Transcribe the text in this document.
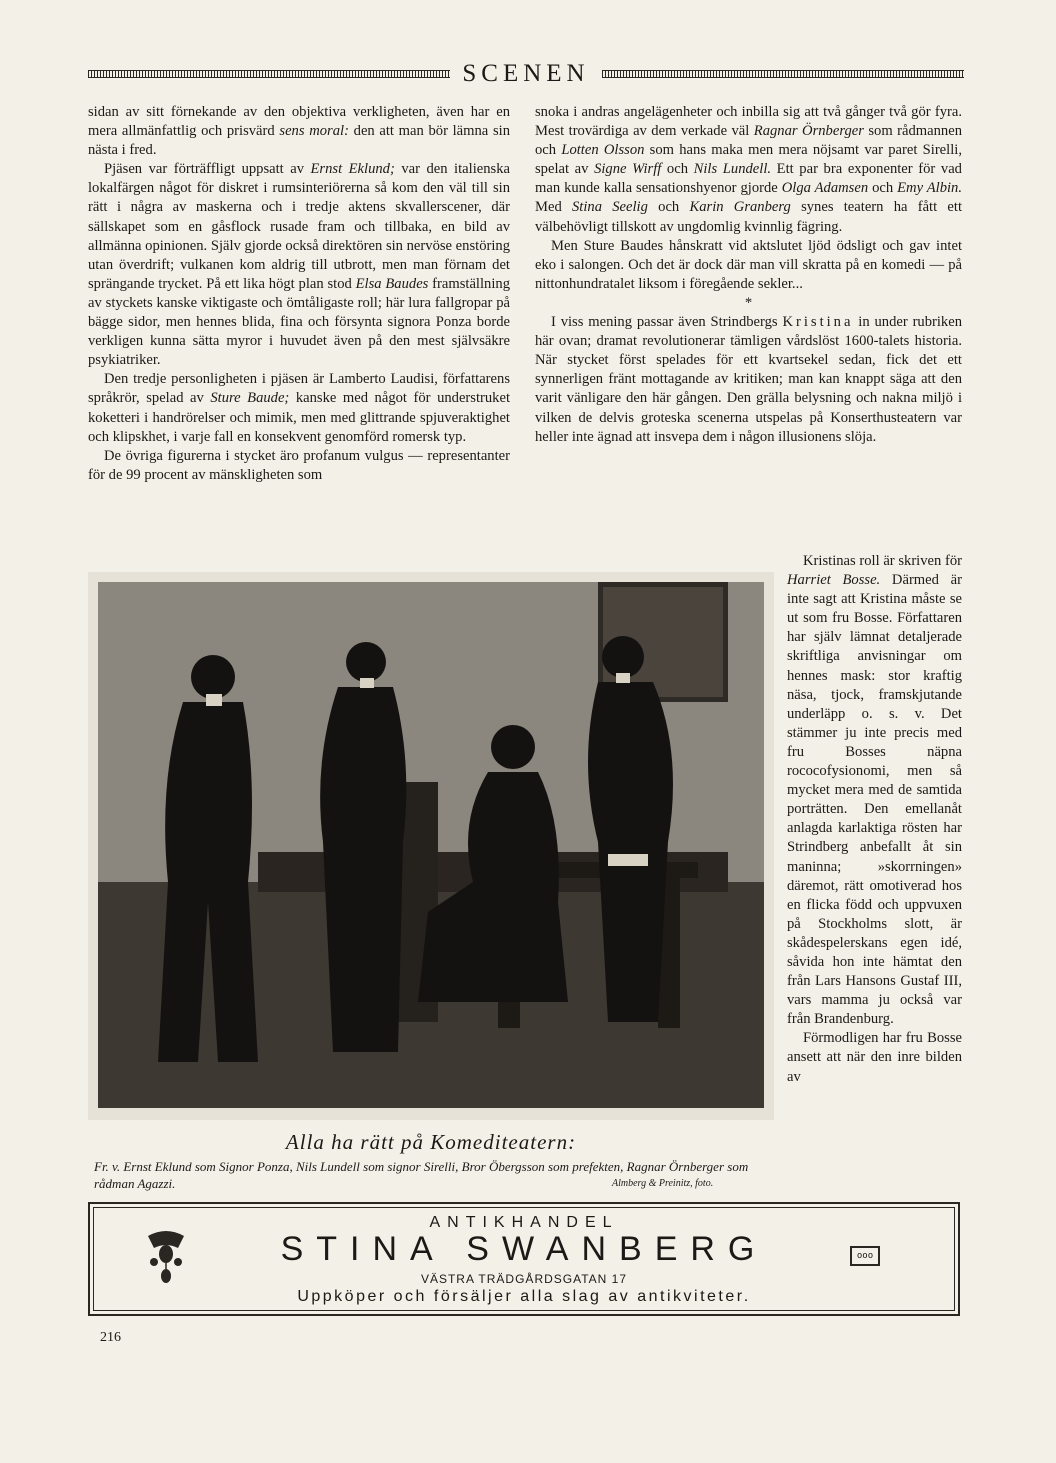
SCENEN

sidan av sitt förnekande av den objektiva verkligheten, även har en mera allmänfattlig och prisvärd sens moral: den att man bör lämna sin nästa i fred.

Pjäsen var förträffligt uppsatt av Ernst Eklund; var den italienska lokalfärgen något för diskret i rumsinteriörerna så kom den väl till sin rätt i några av maskerna och i tredje aktens skvallerscener, där sällskapet som en gåsflock rusade fram och tillbaka, en bild av allmänna opinionen. Själv gjorde också direktören sin nervöse enstöring utan överdrift; vulkanen kom aldrig till utbrott, men man förnam det sprängande trycket. På ett lika högt plan stod Elsa Baudes framställning av styckets kanske viktigaste och ömtåligaste roll; här lura fallgropar på bägge sidor, men hennes blida, fina och försynta signora Ponza borde verkligen kunna sätta myror i huvudet även på den mest självsäkre psykiatriker.

Den tredje personligheten i pjäsen är Lamberto Laudisi, författarens språkrör, spelad av Sture Baude; kanske med något för understruket koketteri i handrörelser och mimik, men med glittrande spjuveraktighet och klipskhet, i varje fall en konsekvent genomförd romersk typ.

De övriga figurerna i stycket äro profanum vulgus — representanter för de 99 procent av mänskligheten som

snoka i andras angelägenheter och inbilla sig att två gånger två gör fyra. Mest trovärdiga av dem verkade väl Ragnar Örnberger som rådmannen och Lotten Olsson som hans maka men mera nöjsamt var paret Sirelli, spelat av Signe Wirff och Nils Lundell. Ett par bra exponenter för vad man kunde kalla sensationshyenor gjorde Olga Adamsen och Emy Albin. Med Stina Seelig och Karin Granberg synes teatern ha fått ett välbehövligt tillskott av ungdomlig kvinnlig fägring.

Men Sture Baudes hånskratt vid aktslutet ljöd ödsligt och gav intet eko i salongen. Och det är dock där man vill skratta på en komedi — på nittonhundratalet liksom i föregående sekler...

*

I viss mening passar även Strindbergs Kristina in under rubriken här ovan; dramat revolutionerar tämligen vårdslöst 1600-talets historia. När stycket först spelades för ett kvartsekel sedan, fick det ett synnerligen fränt mottagande av kritiken; man kan knappt säga att den varit vänligare den här gången. Den grälla belysning och nakna miljö i vilken de delvis groteska scenerna utspelas på Konserthusteatern var heller inte ägnad att insvepa dem i någon illusionens slöja.

Kristinas roll är skriven för Harriet Bosse. Därmed är inte sagt att Kristina måste se ut som fru Bosse. Författaren har själv lämnat detaljerade skriftliga anvisningar om hennes mask: stor kraftig näsa, tjock, framskjutande underläpp o. s. v. Det stämmer ju inte precis med fru Bosses näpna rococofysionomi, men så mycket mera med de samtida porträtten. Den emellanåt anlagda karlaktiga rösten har Strindberg anbefallt åt sin maninna; »skorrningen» däremot, rätt omotiverad hos en flicka född och uppvuxen på Stockholms slott, är skådespelerskans egen idé, såvida hon inte hämtat den från Lars Hansons Gustaf III, vars mamma ju också var från Brandenburg.

Förmodligen har fru Bosse ansett att när den inre bilden av

Alla ha rätt på Komediteatern:
Fr. v. Ernst Eklund som Signor Ponza, Nils Lundell som signor Sirelli, Bror Öbergsson som prefekten, Ragnar Örnberger som rådman Agazzi.	Almberg & Preinitz, foto.
ANTIKHANDEL
STINA SWANBERG
VÄSTRA TRÄDGÅRDSGATAN 17
Uppköper och försäljer alla slag av antikviteter.
ooo
216
